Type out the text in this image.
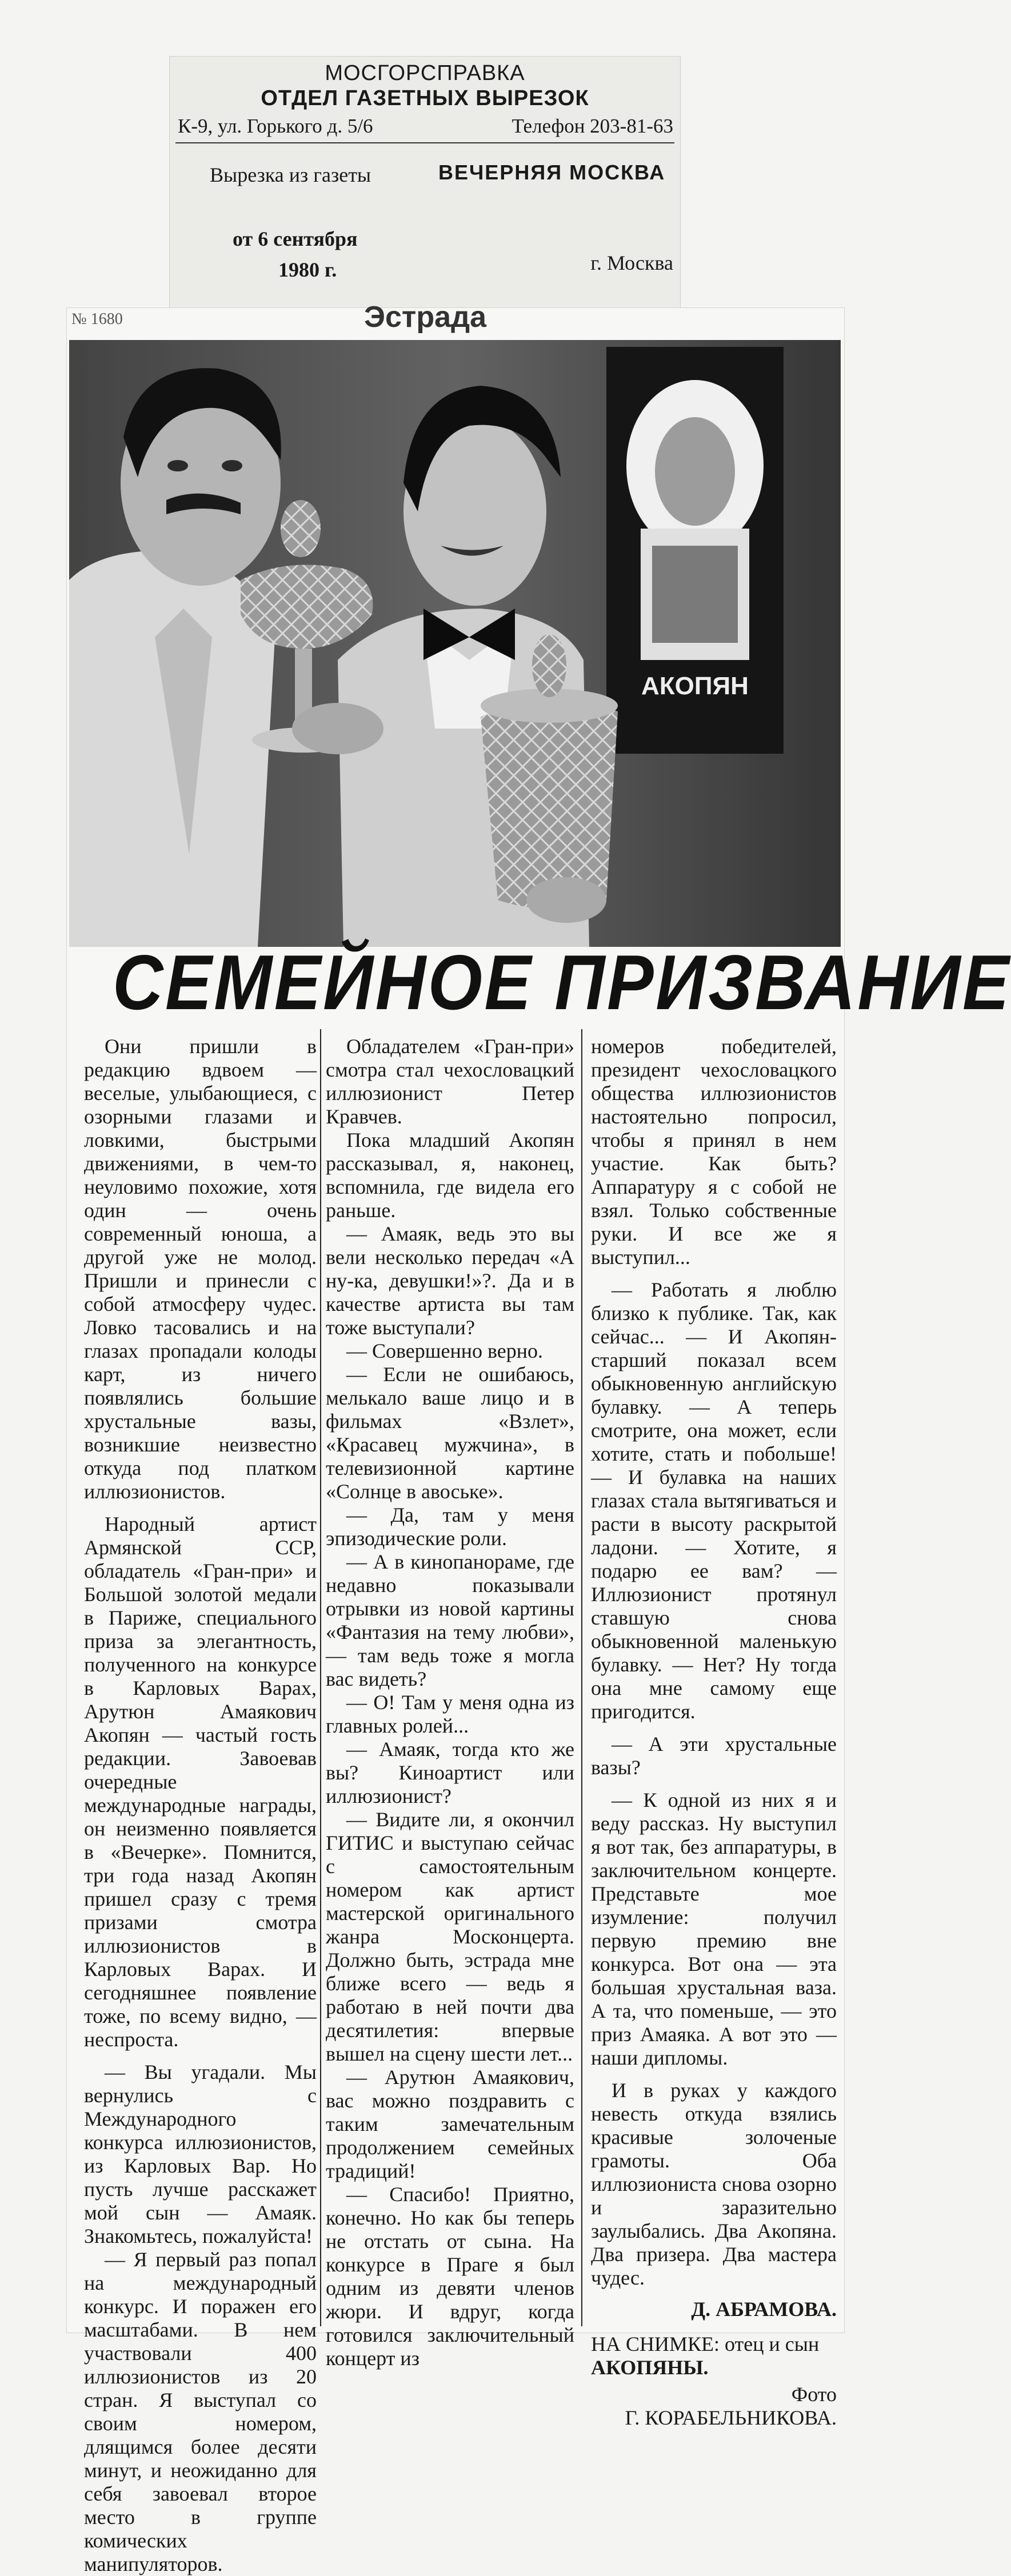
МОСГОРСПРАВКА
ОТДЕЛ ГАЗЕТНЫХ ВЫРЕЗОК
К-9, ул. Горького д. 5/6	Телефон 203-81-63
Вырезка из газеты	ВЕЧЕРНЯЯ МОСКВА
от 6 сентября
1980 г.	г. Москва
№ 1680	Эстрада
АКОПЯН
СЕМЕЙНОЕ ПРИЗВАНИЕ

Они пришли в редакцию вдвоем — веселые, улыбающиеся, с озорными глазами и ловкими, быстрыми движениями, в чем-то неуловимо похожие, хотя один — очень современный юноша, а другой уже не молод. Пришли и принесли с собой атмосферу чудес. Ловко тасовались и на глазах пропадали колоды карт, из ничего появлялись большие хрустальные вазы, возникшие неизвестно откуда под платком иллюзионистов.

Народный артист Армянской ССР, обладатель «Гран-при» и Большой золотой медали в Париже, специального приза за элегантность, полученного на конкурсе в Карловых Варах, Арутюн Амаякович Акопян — частый гость редакции. Завоевав очередные международные награды, он неизменно появляется в «Вечерке». Помнится, три года назад Акопян пришел сразу с тремя призами смотра иллюзионистов в Карловых Варах. И сегодняшнее появление тоже, по всему видно, — неспроста.

— Вы угадали. Мы вернулись с Международного конкурса иллюзионистов, из Карловых Вар. Но пусть лучше расскажет мой сын — Амаяк. Знакомьтесь, пожалуйста!

— Я первый раз попал на международный конкурс. И поражен его масштабами. В нем участвовали 400 иллюзионистов из 20 стран. Я выступал со своим номером, длящимся более десяти минут, и неожиданно для себя завоевал второе место в группе комических манипуляторов.

Обладателем «Гран-при» смотра стал чехословацкий иллюзионист Петер Кравчев.

Пока младший Акопян рассказывал, я, наконец, вспомнила, где видела его раньше.

— Амаяк, ведь это вы вели несколько передач «А ну-ка, девушки!»?. Да и в качестве артиста вы там тоже выступали?

— Совершенно верно.

— Если не ошибаюсь, мелькало ваше лицо и в фильмах «Взлет», «Красавец мужчина», в телевизионной картине «Солнце в авоське».

— Да, там у меня эпизодические роли.

— А в кинопанораме, где недавно показывали отрывки из новой картины «Фантазия на тему любви», — там ведь тоже я могла вас видеть?

— О! Там у меня одна из главных ролей...

— Амаяк, тогда кто же вы? Киноартист или иллюзионист?

— Видите ли, я окончил ГИТИС и выступаю сейчас с самостоятельным номером как артист мастерской оригинального жанра Москонцерта. Должно быть, эстрада мне ближе всего — ведь я работаю в ней почти два десятилетия: впервые вышел на сцену шести лет...

— Арутюн Амаякович, вас можно поздравить с таким замечательным продолжением семейных традиций!

— Спасибо! Приятно, конечно. Но как бы теперь не отстать от сына. На конкурсе в Праге я был одним из девяти членов жюри. И вдруг, когда готовился заключительный концерт из

номеров победителей, президент чехословацкого общества иллюзионистов настоятельно попросил, чтобы я принял в нем участие. Как быть? Аппаратуру я с собой не взял. Только собственные руки. И все же я выступил...

— Работать я люблю близко к публике. Так, как сейчас... — И Акопян-старший показал всем обыкновенную английскую булавку. — А теперь смотрите, она может, если хотите, стать и побольше! — И булавка на наших глазах стала вытягиваться и расти в высоту раскрытой ладони. — Хотите, я подарю ее вам? — Иллюзионист протянул ставшую снова обыкновенной маленькую булавку. — Нет? Ну тогда она мне самому еще пригодится.

— А эти хрустальные вазы?

— К одной из них я и веду рассказ. Ну выступил я вот так, без аппаратуры, в заключительном концерте. Представьте мое изумление: получил первую премию вне конкурса. Вот она — эта большая хрустальная ваза. А та, что поменьше, — это приз Амаяка. А вот это — наши дипломы.

И в руках у каждого невесть откуда взялись красивые золоченые грамоты. Оба иллюзиониста снова озорно и заразительно заулыбались. Два Акопяна. Два призера. Два мастера чудес.

Д. АБРАМОВА.

НА СНИМКЕ: отец и сын АКОПЯНЫ.

Фото

Г. КОРАБЕЛЬНИКОВА.
